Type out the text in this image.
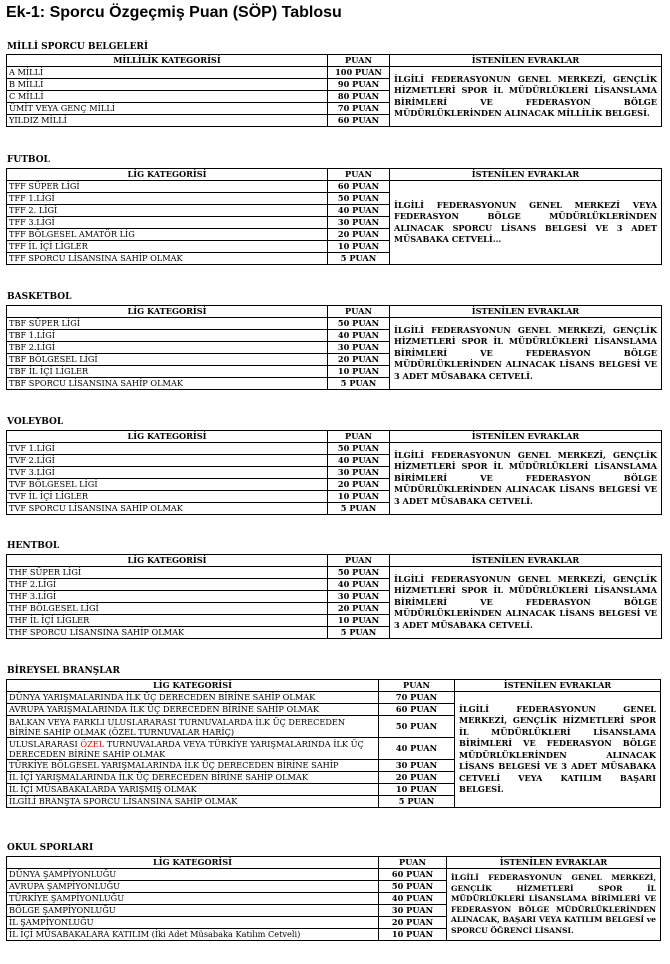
Ek-1: Sporcu Özgeçmiş Puan (SÖP) Tablosu
MİLLİ SPORCU BELGELERİ
MİLLİLİK KATEGORİSİ	PUAN	İSTENİLEN EVRAKLAR
A MİLLİ	100 PUAN	İLGİLİ FEDERASYONUN GENEL MERKEZİ, GENÇLİK HİZMETLERİ SPOR İL MÜDÜRLÜKLERİ LİSANSLAMA BİRİMLERİ VE FEDERASYON BÖLGE MÜDÜRLÜKLERİNDEN ALINACAK MİLLİLİK BELGESİ.
B MİLLİ	90 PUAN	
C MİLLİ	80 PUAN	
ÜMİT VEYA GENÇ MİLLİ	70 PUAN	
YILDIZ MİLLİ	60 PUAN	
FUTBOL
LİG KATEGORİSİ	PUAN	İSTENİLEN EVRAKLAR
TFF SÜPER LİGİ	60 PUAN	İLGİLİ FEDERASYONUN GENEL MERKEZİ VEYA FEDERASYON BÖLGE MÜDÜRLÜKLERİNDEN ALINACAK SPORCU LİSANS BELGESİ VE 3 ADET MÜSABAKA CETVELİ...
TFF 1.LİGİ	50 PUAN	
TFF 2. LİGİ	40 PUAN	
TFF 3.LİGİ	30 PUAN	
TFF BÖLGESEL AMATÖR LİG	20 PUAN	
TFF İL İÇİ LİGLER	10 PUAN	
TFF SPORCU LİSANSINA SAHİP OLMAK	5 PUAN	
BASKETBOL
LİG KATEGORİSİ	PUAN	İSTENİLEN EVRAKLAR
TBF SÜPER LİGİ	50 PUAN	İLGİLİ FEDERASYONUN GENEL MERKEZİ, GENÇLİK HİZMETLERİ SPOR İL MÜDÜRLÜKLERİ LİSANSLAMA BİRİMLERİ VE FEDERASYON BÖLGE MÜDÜRLÜKLERİNDEN ALINACAK LİSANS BELGESİ VE 3 ADET MÜSABAKA CETVELİ.
TBF 1.LİGİ	40 PUAN	
TBF 2.LİGİ	30 PUAN	
TBF BÖLGESEL LİGİ	20 PUAN	
TBF İL İÇİ LİGLER	10 PUAN	
TBF SPORCU LİSANSINA SAHİP OLMAK	5 PUAN	
VOLEYBOL
LİG KATEGORİSİ	PUAN	İSTENİLEN EVRAKLAR
TVF 1.LİGİ	50 PUAN	İLGİLİ FEDERASYONUN GENEL MERKEZİ, GENÇLİK HİZMETLERİ SPOR İL MÜDÜRLÜKLERİ LİSANSLAMA BİRİMLERİ VE FEDERASYON BÖLGE MÜDÜRLÜKLERİNDEN ALINACAK LİSANS BELGESİ VE 3 ADET MÜSABAKA CETVELİ.
TVF 2.LİGİ	40 PUAN	
TVF 3.LİGİ	30 PUAN	
TVF BÖLGESEL LİGİ	20 PUAN	
TVF İL İÇİ LİGLER	10 PUAN	
TVF SPORCU LİSANSINA SAHİP OLMAK	5 PUAN	
HENTBOL
LİG KATEGORİSİ	PUAN	İSTENİLEN EVRAKLAR
THF SÜPER LİGİ	50 PUAN	İLGİLİ FEDERASYONUN GENEL MERKEZİ, GENÇLİK HİZMETLERİ SPOR İL MÜDÜRLÜKLERİ LİSANSLAMA BİRİMLERİ VE FEDERASYON BÖLGE MÜDÜRLÜKLERİNDEN ALINACAK LİSANS BELGESİ VE 3 ADET MÜSABAKA CETVELİ.
THF 2.LİGİ	40 PUAN	
THF 3.LİGİ	30 PUAN	
THF BÖLGESEL LİGİ	20 PUAN	
THF İL İÇİ LİGLER	10 PUAN	
THF SPORCU LİSANSINA SAHİP OLMAK	5 PUAN	
BİREYSEL BRANŞLAR
LİG KATEGORİSİ	PUAN	İSTENİLEN EVRAKLAR
DÜNYA YARIŞMALARINDA İLK ÜÇ DERECEDEN BİRİNE SAHİP OLMAK	70 PUAN	İLGİLİ FEDERASYONUN GENEL MERKEZİ, GENÇLİK HİZMETLERİ SPOR İL MÜDÜRLÜKLERİ LİSANSLAMA BİRİMLERİ VE FEDERASYON BÖLGE MÜDÜRLÜKLERİNDEN ALINACAK LİSANS BELGESİ VE 3 ADET MÜSABAKA CETVELİ VEYA KATILIM BAŞARI BELGESİ.
AVRUPA YARIŞMALARINDA İLK ÜÇ DERECEDEN BİRİNE SAHİP OLMAK	60 PUAN	
BALKAN VEYA FARKLI ULUSLARARASI TURNUVALARDA İLK ÜÇ DERECEDEN BİRİNE SAHİP OLMAK (ÖZEL TURNUVALAR HARİÇ)	50 PUAN	
ULUSLARARASI ÖZEL TURNUVALARDA VEYA TÜRKİYE YARIŞMALARINDA İLK ÜÇ DERECEDEN BİRİNE SAHİP OLMAK	40 PUAN	
TÜRKİYE BÖLGESEL YARIŞMALARINDA İLK ÜÇ DERECEDEN BİRİNE SAHİP	30 PUAN	
İL İÇİ YARIŞMALARINDA İLK ÜÇ DERECEDEN BİRİNE SAHİP OLMAK	20 PUAN	
İL İÇİ MÜSABAKALARDA YARIŞMIŞ OLMAK	10 PUAN	
İLGİLİ BRANŞTA SPORCU LİSANSINA SAHİP OLMAK	5 PUAN	
OKUL SPORLARI
LİG KATEGORİSİ	PUAN	İSTENİLEN EVRAKLAR
DÜNYA ŞAMPİYONLUĞU	60 PUAN	İLGİLİ FEDERASYONUN GENEL MERKEZİ, GENÇLİK HİZMETLERİ SPOR İL MÜDÜRLÜKLERİ LİSANSLAMA BİRİMLERİ VE FEDERASYON BÖLGE MÜDÜRLÜKLERİNDEN ALINACAK, BAŞARI VEYA KATILIM BELGESİ ve SPORCU ÖĞRENCİ LİSANSI.
AVRUPA ŞAMPİYONLUĞU	50 PUAN	
TÜRKİYE ŞAMPİYONLUĞU	40 PUAN	
BÖLGE ŞAMPİYONLUĞU	30 PUAN	
İL ŞAMPİYONLUĞU	20 PUAN	
İL İÇİ MÜSABAKALARA KATILIM (İki Adet Müsabaka Katılım Cetveli)	10 PUAN	
